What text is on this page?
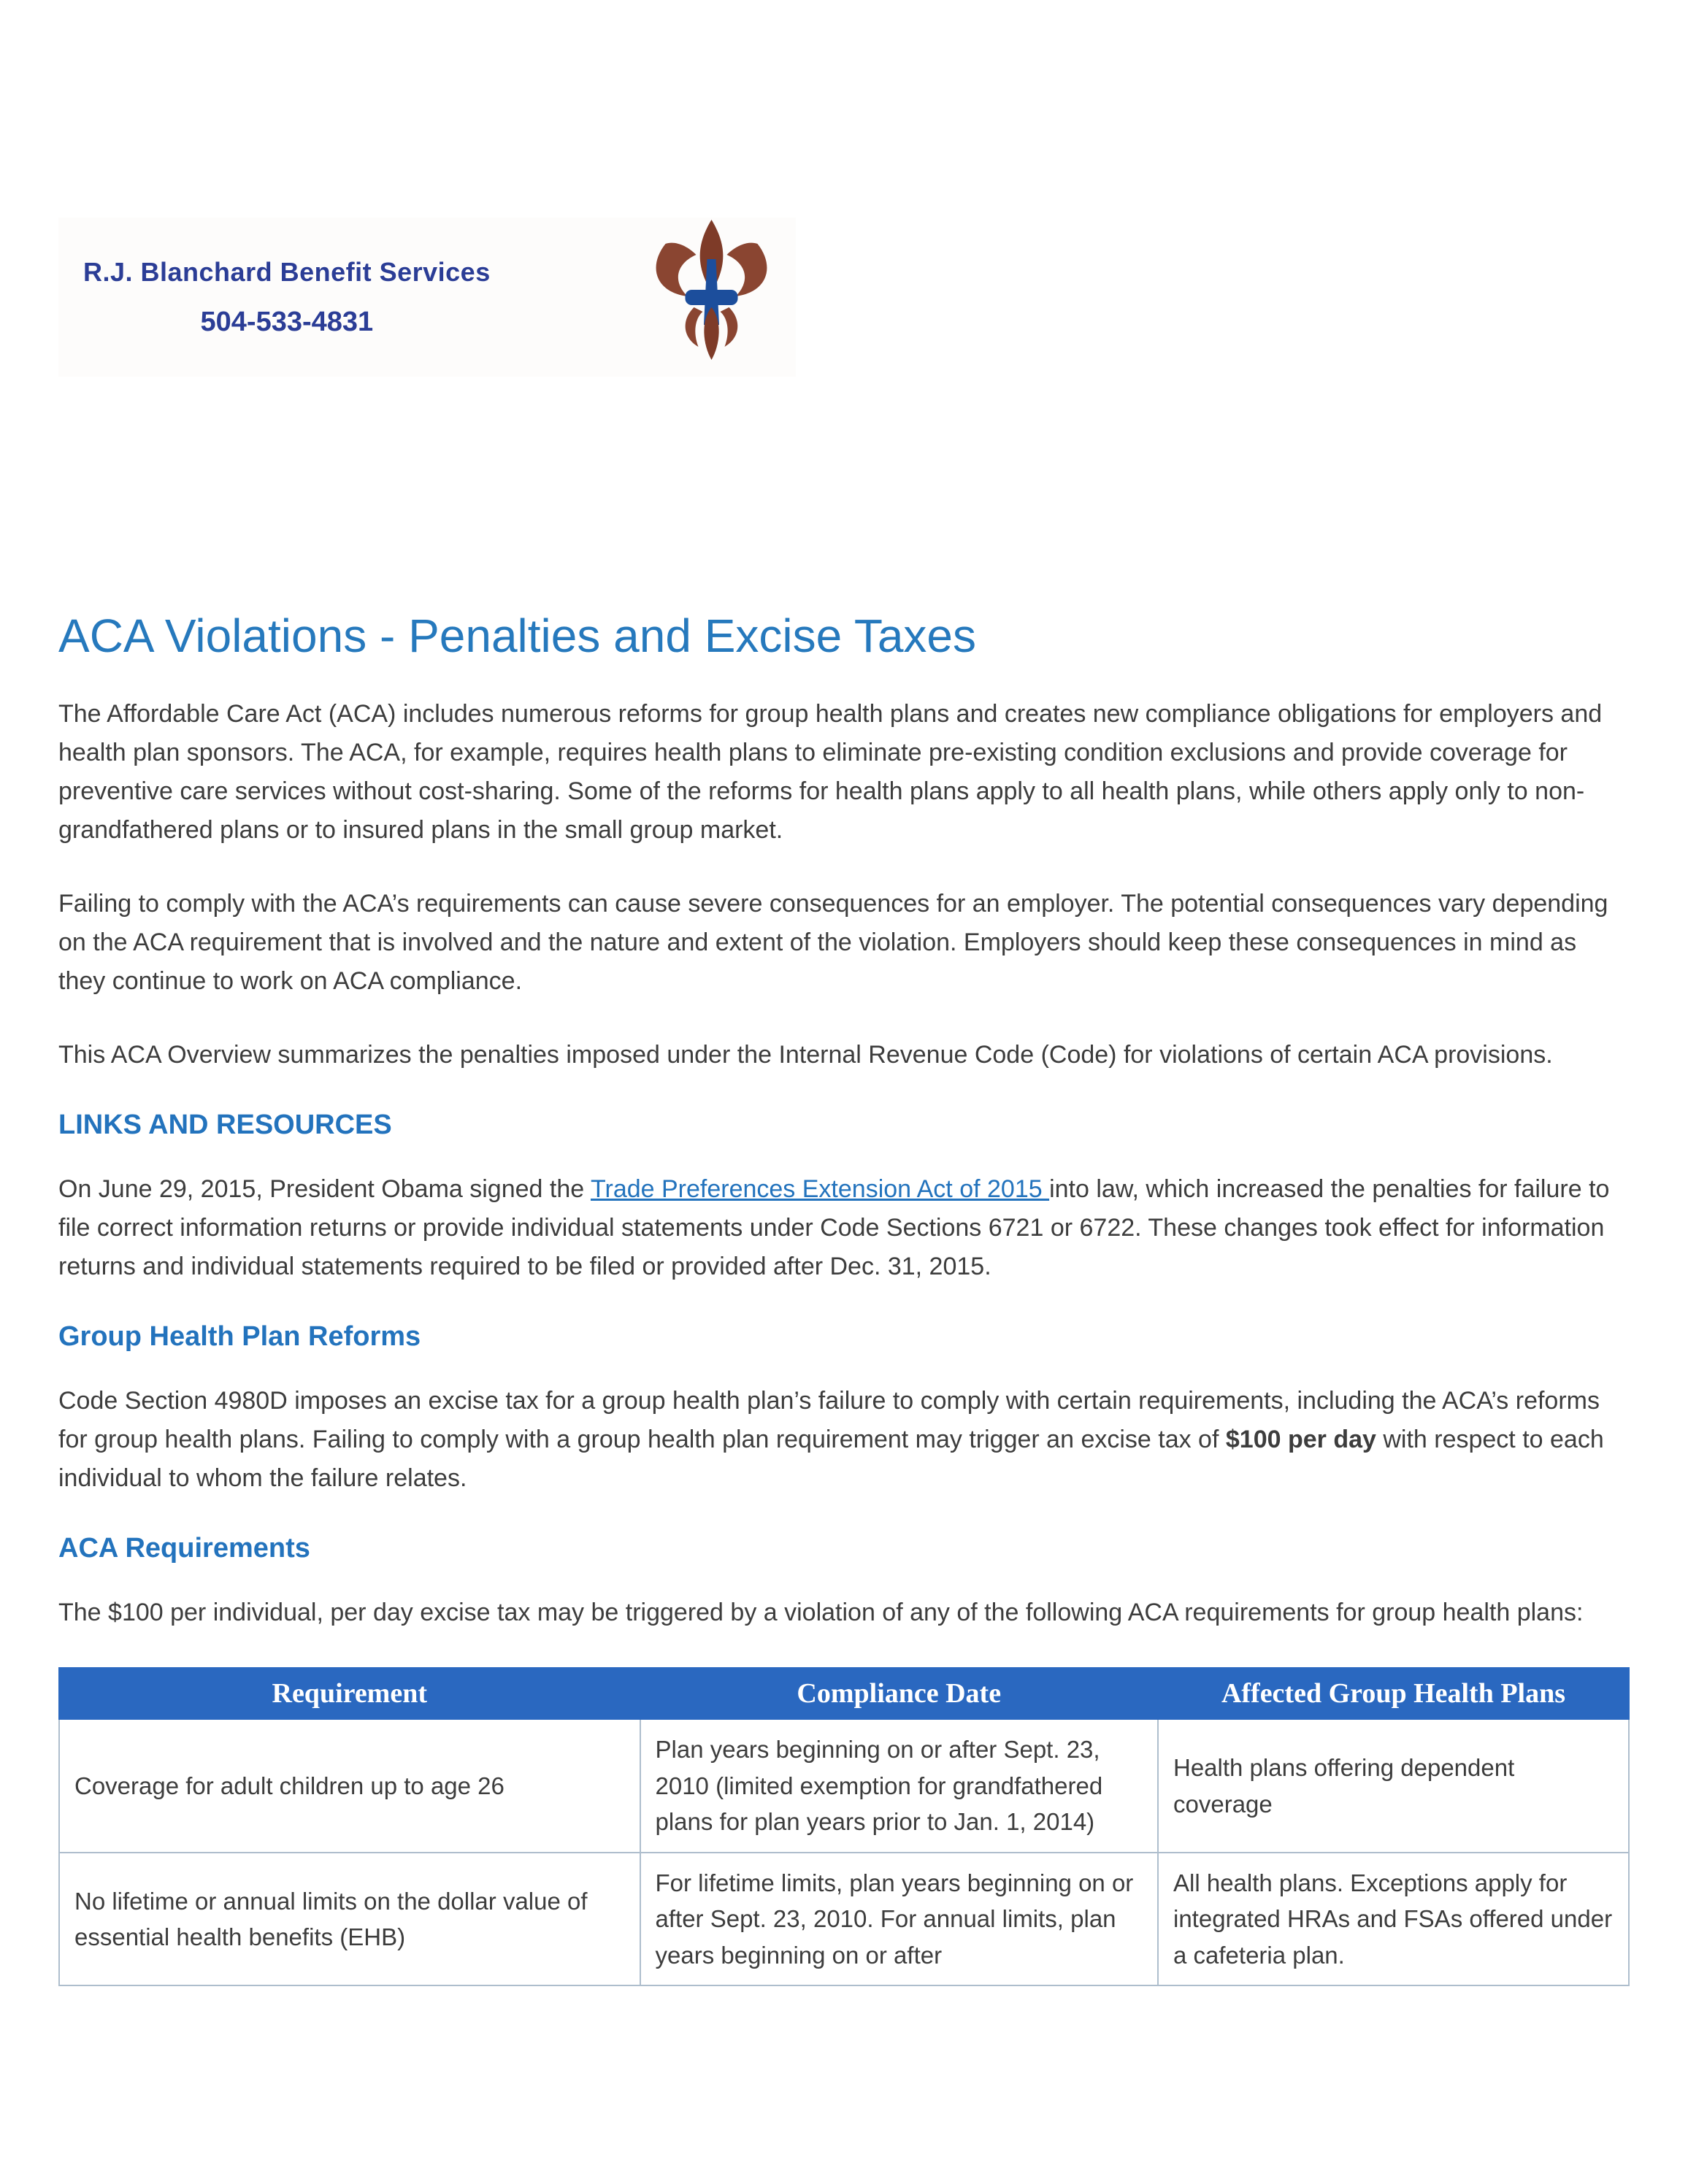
R.J. Blanchard Benefit Services
504-533-4831
ACA Violations - Penalties and Excise Taxes

The Affordable Care Act (ACA) includes numerous reforms for group health plans and creates new compliance obligations for employers and health plan sponsors. The ACA, for example, requires health plans to eliminate pre-existing condition exclusions and provide coverage for preventive care services without cost-sharing. Some of the reforms for health plans apply to all health plans, while others apply only to non-grandfathered plans or to insured plans in the small group market.

Failing to comply with the ACA’s requirements can cause severe consequences for an employer. The potential consequences vary depending on the ACA requirement that is involved and the nature and extent of the violation. Employers should keep these consequences in mind as they continue to work on ACA compliance.

This ACA Overview summarizes the penalties imposed under the Internal Revenue Code (Code) for violations of certain ACA provisions.

LINKS AND RESOURCES

On June 29, 2015, President Obama signed the Trade Preferences Extension Act of 2015 into law, which increased the penalties for failure to file correct information returns or provide individual statements under Code Sections 6721 or 6722. These changes took effect for information returns and individual statements required to be filed or provided after Dec. 31, 2015.

Group Health Plan Reforms

Code Section 4980D imposes an excise tax for a group health plan’s failure to comply with certain requirements, including the ACA’s reforms for group health plans. Failing to comply with a group health plan requirement may trigger an excise tax of $100 per day with respect to each individual to whom the failure relates.

ACA Requirements

The $100 per individual, per day excise tax may be triggered by a violation of any of the following ACA requirements for group health plans:

Requirement	Compliance Date	Affected Group Health Plans
Coverage for adult children up to age 26	Plan years beginning on or after Sept. 23, 2010 (limited exemption for grandfathered plans for plan years prior to Jan. 1, 2014)	Health plans offering dependent coverage
No lifetime or annual limits on the dollar value of essential health benefits (EHB)	For lifetime limits, plan years beginning on or after Sept. 23, 2010. For annual limits, plan years beginning on or after	All health plans. Exceptions apply for integrated HRAs and FSAs offered under a cafeteria plan.
